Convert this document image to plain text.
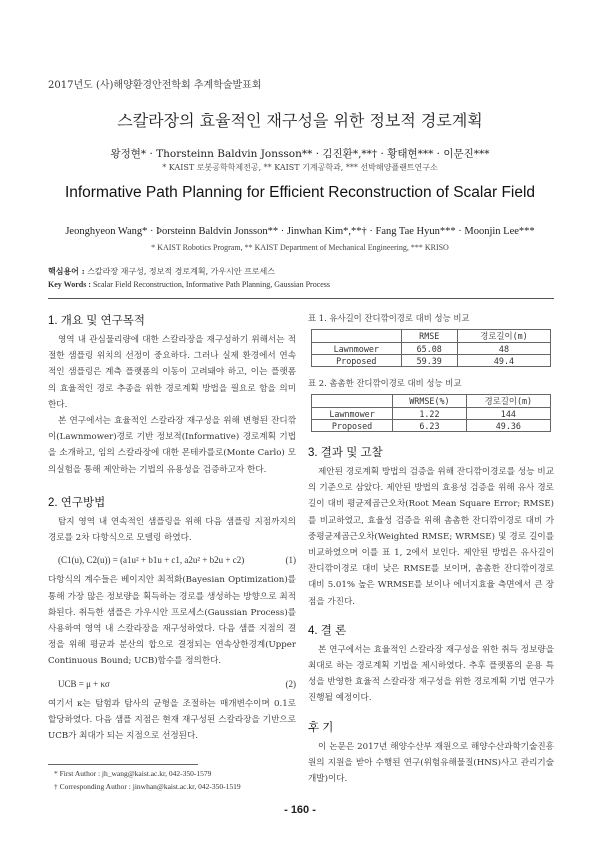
2017년도 (사)해양환경안전학회 추계학술발표회
스칼라장의 효율적인 재구성을 위한 정보적 경로계획
왕정현* · Thorsteinn Baldvin Jonsson** · 김진환*,**† · 황태현*** · 이문진***
* KAIST 로봇공학학제전공, ** KAIST 기계공학과, *** 선박해양플랜트연구소
Informative Path Planning for Efficient Reconstruction of Scalar Field
Jeonghyeon Wang* · Þorsteinn Baldvin Jonsson** · Jinwhan Kim*,**† · Fang Tae Hyun*** · Moonjin Lee***
* KAIST Robotics Program, ** KAIST Department of Mechanical Engineering, *** KRISO
핵심용어 : 스칼라장 재구성, 정보적 경로계획, 가우시안 프로세스
Key Words : Scalar Field Reconstruction, Informative Path Planning, Gaussian Process
1. 개요 및 연구목적

영역 내 관심물리량에 대한 스칼라장을 재구성하기 위해서는 적절한 샘플링 위치의 선정이 중요하다. 그러나 실제 환경에서 연속적인 샘플링은 계측 플랫폼의 이동이 고려돼야 하고, 이는 플랫폼의 효율적인 경로 추종을 위한 경로계획 방법을 필요로 함을 의미한다.

본 연구에서는 효율적인 스칼라장 재구성을 위해 변형된 잔디깎이(Lawnmower)경로 기반 정보적(Informative) 경로계획 기법을 소개하고, 임의 스칼라장에 대한 몬테카를로(Monte Carlo) 모의실험을 통해 제안하는 기법의 유용성을 검증하고자 한다.

2. 연구방법

탐지 영역 내 연속적인 샘플링을 위해 다음 샘플링 지점까지의 경로를 2차 다항식으로 모델링 하였다.

(C1(u), C2(u)) = (a1u² + b1u + c1, a2u² + b2u + c2)	(1)

다항식의 계수들은 베이지안 최적화(Bayesian Optimization)를 통해 가장 많은 정보량을 획득하는 경로를 생성하는 방향으로 최적화된다. 취득한 샘플은 가우시안 프로세스(Gaussian Process)를 사용하여 영역 내 스칼라장을 재구성하였다. 다음 샘플 지점의 결정을 위해 평균과 분산의 합으로 결정되는 연속상한경계(Upper Continuous Bound; UCB)함수를 정의한다.

UCB = μ + κσ	(2)

여기서 κ는 탐험과 탐사의 균형을 조절하는 매개변수이며 0.1로 할당하였다. 다음 샘플 지점은 현재 재구성된 스칼라장을 기반으로 UCB가 최대가 되는 지점으로 선정된다.

* First Author : jh_wang@kaist.ac.kr, 042-350-1579
† Corresponding Author : jinwhan@kaist.ac.kr, 042-350-1519
표 1. 유사길이 잔디깎이경로 대비 성능 비교
	RMSE	경로길이(m)
Lawnmower	65.08	48
Proposed	59.39	49.4
표 2. 촘촘한 잔디깎이경로 대비 성능 비교
	WRMSE(%)	경로길이(m)
Lawnmower	1.22	144
Proposed	6.23	49.36
3. 결과 및 고찰

제안된 경로계획 방법의 검증을 위해 잔디깎이경로를 성능 비교의 기준으로 삼았다. 제안된 방법의 효용성 검증을 위해 유사 경로길이 대비 평균제곱근오차(Root Mean Square Error; RMSE)를 비교하였고, 효율성 검증을 위해 촘촘한 잔디깎이경로 대비 가중평균제곱근오차(Weighted RMSE; WRMSE) 및 경로 길이를 비교하였으며 이를 표 1, 2에서 보인다. 제안된 방법은 유사길이 잔디깎이경로 대비 낮은 RMSE를 보이며, 촘촘한 잔디깎이경로 대비 5.01% 높은 WRMSE를 보이나 에너지효율 측면에서 큰 장점을 가진다.

4. 결 론

본 연구에서는 효율적인 스칼라장 재구성을 위한 취득 정보량을 최대로 하는 경로계획 기법을 제시하였다. 추후 플랫폼의 운용 특성을 반영한 효율적 스칼라장 재구성을 위한 경로계획 기법 연구가 진행될 예정이다.

후 기

이 논문은 2017년 해양수산부 재원으로 해양수산과학기술진흥원의 지원을 받아 수행된 연구(위험유해물질(HNS)사고 관리기술 개발)이다.

- 160 -
